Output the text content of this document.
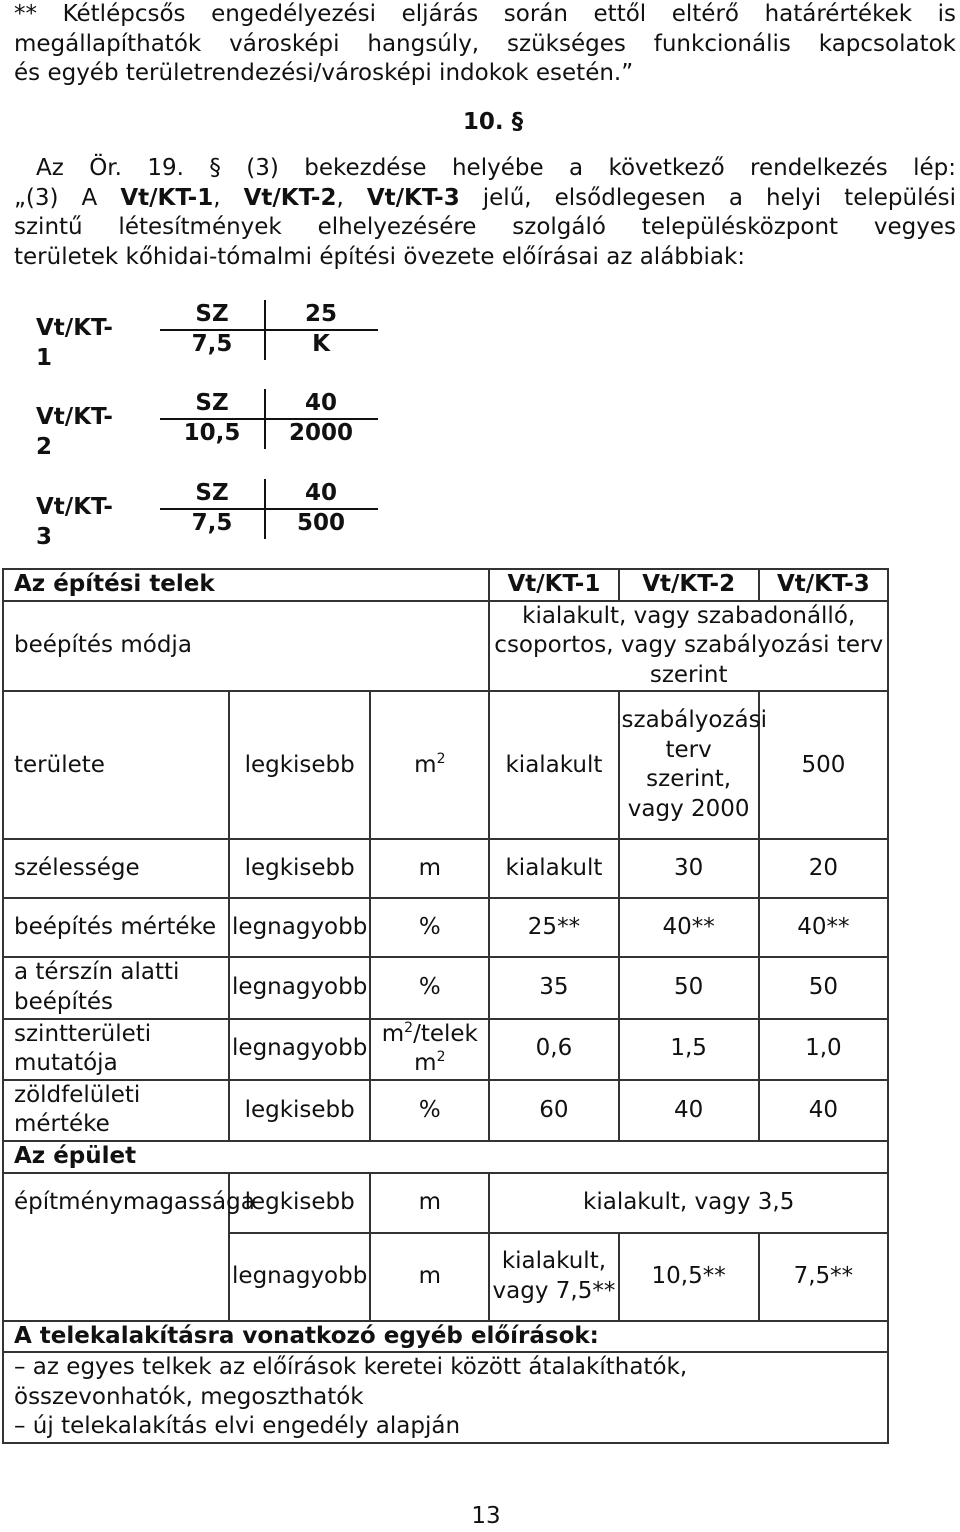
** Kétlépcsős engedélyezési eljárás során ettől eltérő határértékek is
megállapíthatók városképi hangsúly, szükséges funkcionális kapcsolatok
és egyéb területrendezési/városképi indokok esetén.”
10. §
Az Ör. 19. § (3) bekezdése helyébe a következő rendelkezés lép:
„(3) A Vt/KT-1, Vt/KT-2, Vt/KT-3 jelű, elsődlegesen a helyi települési
szintű létesítmények elhelyezésére szolgáló településközpont vegyes
területek kőhidai-tómalmi építési övezete előírásai az alábbiak:
Vt/KT-1
SZ	25
7,5	K
Vt/KT-2
SZ	40
10,5	2000
Vt/KT-3
SZ	40
7,5	500
Az építési telek			Vt/KT-1	Vt/KT-2	Vt/KT-3
beépítés módja			kialakult, vagy szabadonálló, csoportos, vagy szabályozási terv szerint		
területe	legkisebb	$m^2$	kialakult	szabályozási terv szerint, vagy 2000	500
szélessége	legkisebb	m	kialakult	30	20
beépítés mértéke	legnagyobb	%	25**	40**	40**
a térszín alatti beépítés	legnagyobb	%	35	50	50
szintterületi mutatója	legnagyobb	$m^2$/telek $m^2$	0,6	1,5	1,0
zöldfelületi mértéke	legkisebb	%	60	40	40
Az épület					
építménymagassága	legkisebb	m	kialakult, vagy 3,5		
	legnagyobb	m	kialakult, vagy 7,5**	10,5**	7,5**
A telekalakításra vonatkozó egyéb előírások:					

– az egyes telkek az előírások keretei között átalakíthatók, összevonhatók, megoszthatók
– új telekalakítás elvi engedély alapján					
13
